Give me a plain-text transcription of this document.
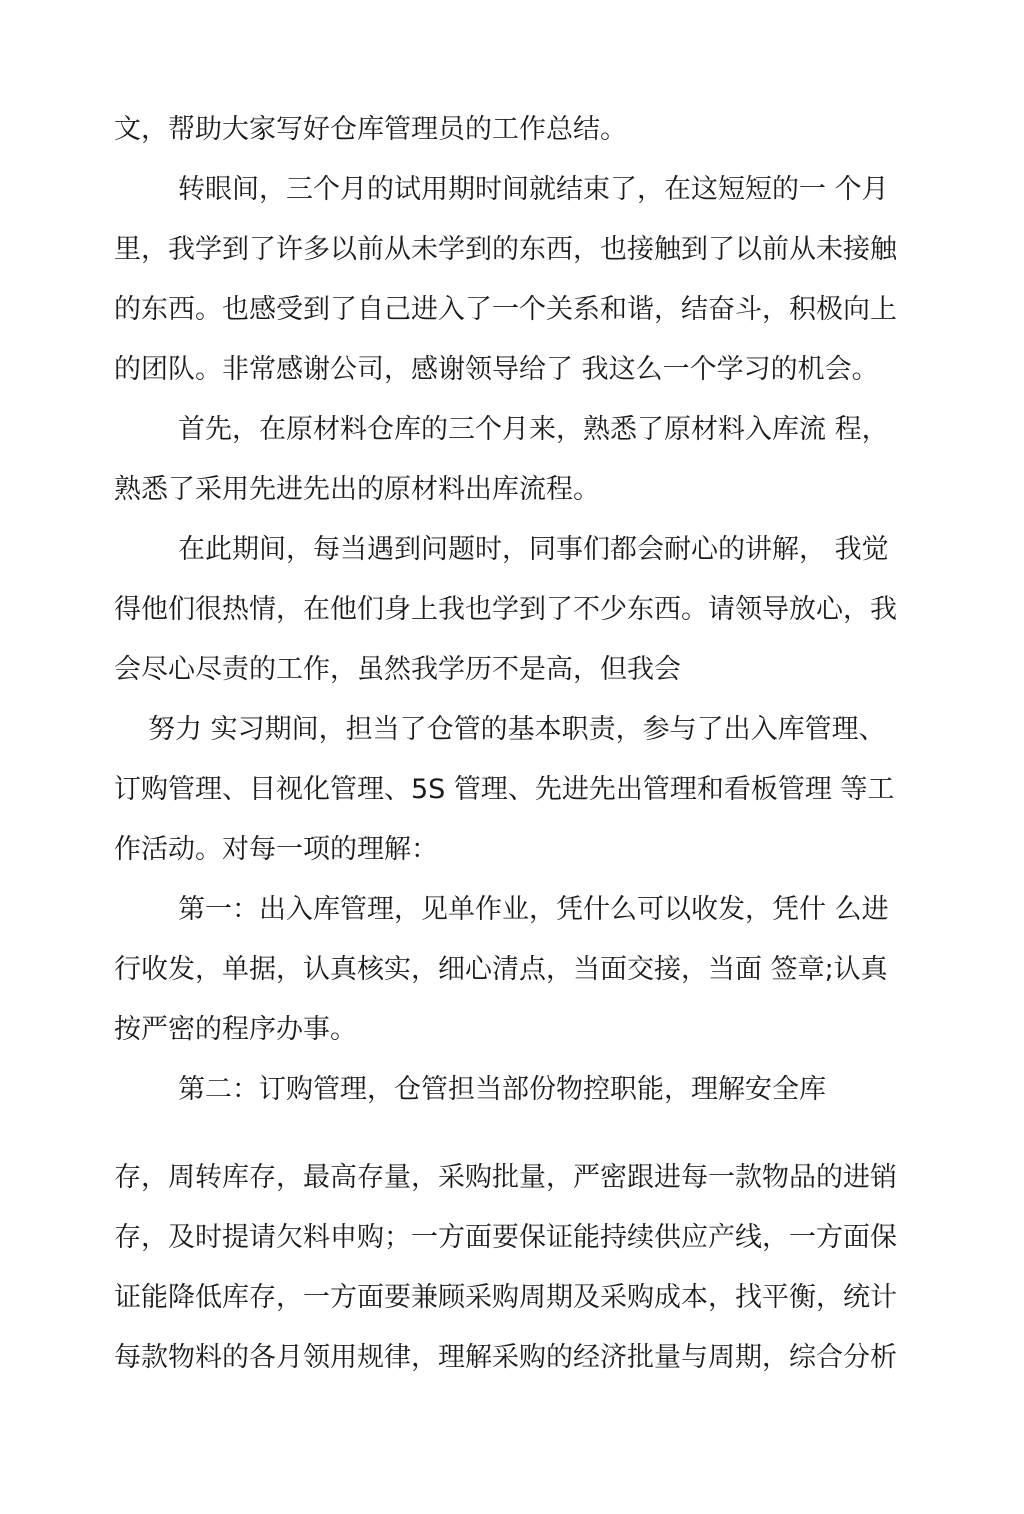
文，帮助大家写好仓库管理员的工作总结。
转眼间，三个月的试用期时间就结束了，在这短短的一 个月
里，我学到了许多以前从未学到的东西，也接触到了以前从未接触
的东西。也感受到了自己进入了一个关系和谐，结奋斗，积极向上
的团队。非常感谢公司，感谢领导给了 我这么一个学习的机会。
首先，在原材料仓库的三个月来，熟悉了原材料入库流 程，
熟悉了采用先进先出的原材料出库流程。
在此期间，每当遇到问题时，同事们都会耐心的讲解， 我觉
得他们很热情，在他们身上我也学到了不少东西。请领导放心，我
会尽心尽责的工作，虽然我学历不是高，但我会
努力 实习期间，担当了仓管的基本职责，参与了出入库管理、
订购管理、目视化管理、5S 管理、先进先出管理和看板管理 等工
作活动。对每一项的理解：
第一：出入库管理，见单作业，凭什么可以收发，凭什 么进
行收发，单据，认真核实，细心清点，当面交接，当面 签章;认真
按严密的程序办事。
第二：订购管理，仓管担当部份物控职能，理解安全库
存，周转库存，最高存量，采购批量，严密跟进每一款物品的进销
存，及时提请欠料申购；一方面要保证能持续供应产线，一方面保
证能降低库存，一方面要兼顾采购周期及采购成本，找平衡，统计
每款物料的各月领用规律，理解采购的经济批量与周期，综合分析
